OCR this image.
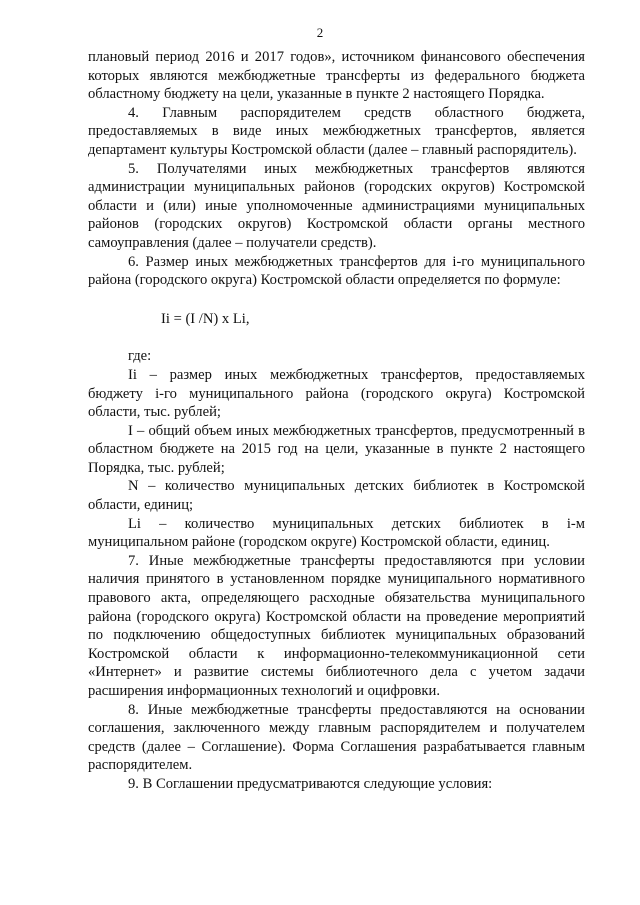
2

плановый период 2016 и 2017 годов», источником финансового обеспечения которых являются межбюджетные трансферты из федерального бюджета областному бюджету на цели, указанные в пункте 2 настоящего Порядка.

4. Главным распорядителем средств областного бюджета, предоставляемых в виде иных межбюджетных трансфертов, является департамент культуры Костромской области (далее – главный распорядитель).

5. Получателями иных межбюджетных трансфертов являются администрации муниципальных районов (городских округов) Костромской области и (или) иные уполномоченные администрациями муниципальных районов (городских округов) Костромской области органы местного самоуправления (далее – получатели средств).

6. Размер иных межбюджетных трансфертов для i-го муниципального района (городского округа) Костромской области определяется по формуле:

Ii = (I /N) x Li,

где:

Ii – размер иных межбюджетных трансфертов, предоставляемых бюджету i-го муниципального района (городского округа) Костромской области, тыс. рублей;

I – общий объем иных межбюджетных трансфертов, предусмотренный в областном бюджете на 2015 год на цели, указанные в пункте 2 настоящего Порядка, тыс. рублей;

N – количество муниципальных детских библиотек в Костромской области, единиц;

Li – количество муниципальных детских библиотек в i-м муниципальном районе (городском округе) Костромской области, единиц.

7. Иные межбюджетные трансферты предоставляются при условии наличия принятого в установленном порядке муниципального нормативного правового акта, определяющего расходные обязательства муниципального района (городского округа) Костромской области на проведение мероприятий по подключению общедоступных библиотек муниципальных образований Костромской области к информационно-телекоммуникационной сети «Интернет» и развитие системы библиотечного дела с учетом задачи расширения информационных технологий и оцифровки.

8. Иные межбюджетные трансферты предоставляются на основании соглашения, заключенного между главным распорядителем и получателем средств (далее – Соглашение). Форма Соглашения разрабатывается главным распорядителем.

9. В Соглашении предусматриваются следующие условия:
